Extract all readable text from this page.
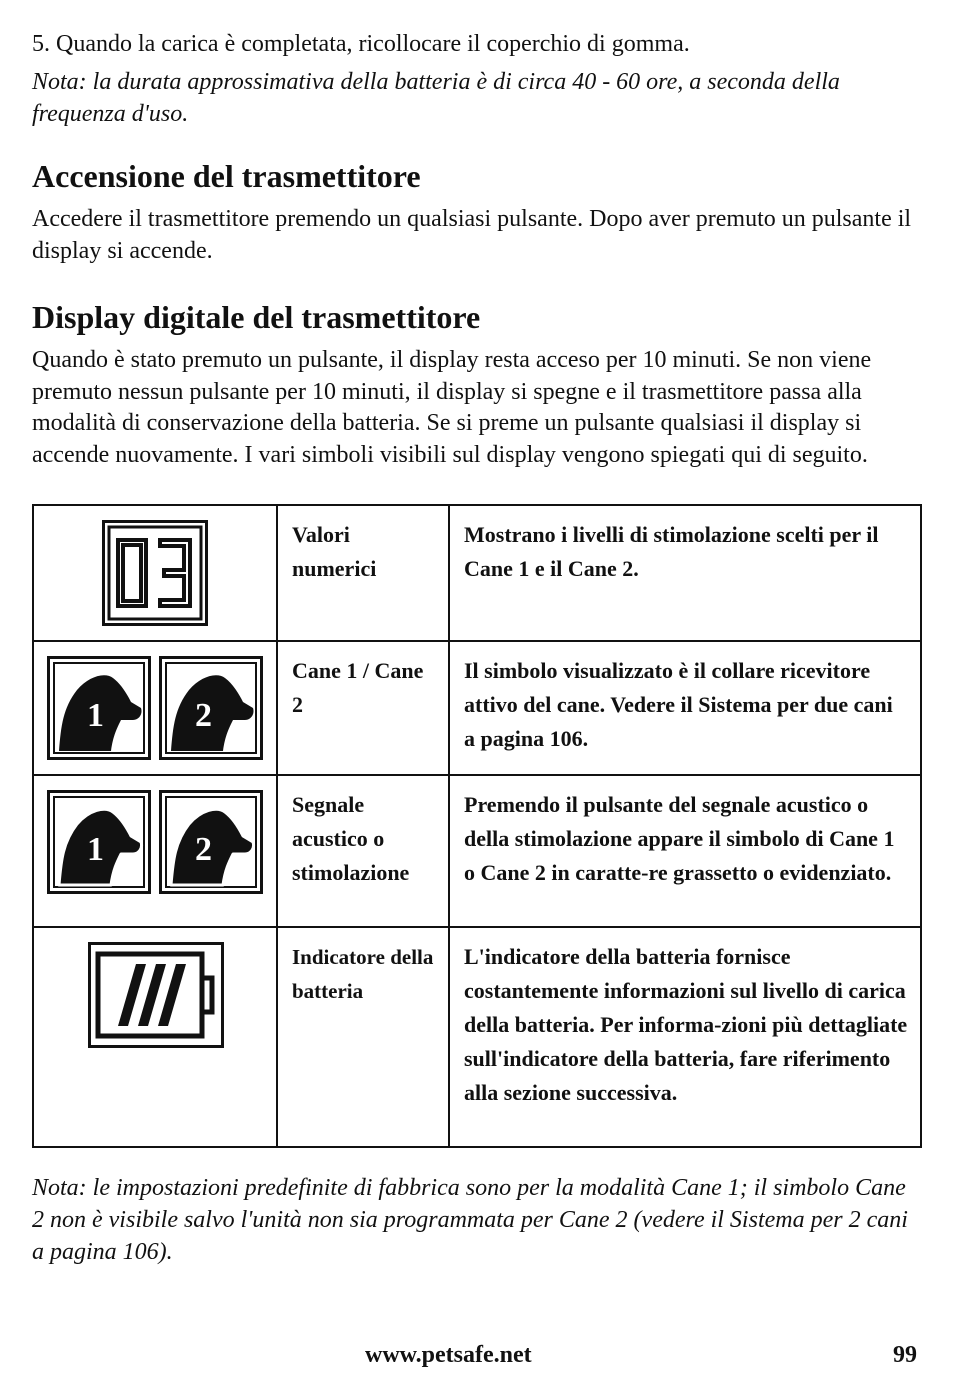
5. Quando la carica è completata, ricollocare il coperchio di gomma.

Nota: la durata approssimativa della batteria è di circa 40 - 60 ore, a seconda della frequenza d'uso.

Accensione del trasmettitore

Accedere il trasmettitore premendo un qualsiasi pulsante. Dopo aver premuto un pulsante il display si accende.

Display digitale del trasmettitore

Quando è stato premuto un pulsante, il display resta acceso per 10 minuti. Se non viene premuto nessun pulsante per 10 minuti, il display si spegne e il trasmettitore passa alla modalità di conservazione della batteria. Se si preme un pulsante qualsiasi il display si accende nuovamente. I vari simboli visibili sul display vengono spiegati qui di seguito.

Valori numerici	Mostrano i livelli di stimolazione scelti per il Cane 1 e il Cane 2.

1 2	Cane 1 / Cane 2	Il simbolo visualizzato è il collare ricevitore attivo del cane. Vedere il Sistema per due cani a pagina 106.

1 2	Segnale acustico o stimolazione	Premendo il pulsante del segnale acustico o della stimolazione appare il simbolo di Cane 1 o Cane 2 in caratte-re grassetto o evidenziato.

Indicatore della batteria	L'indicatore della batteria fornisce costantemente informazioni sul livello di carica della batteria. Per informa-zioni più dettagliate sull'indicatore della batteria, fare riferimento alla sezione successiva.

Nota: le impostazioni predefinite di fabbrica sono per la modalità Cane 1; il simbolo Cane 2 non è visibile salvo l'unità non sia programmata per Cane 2 (vedere il Sistema per 2 cani a pagina 106).

www.petsafe.net	99
